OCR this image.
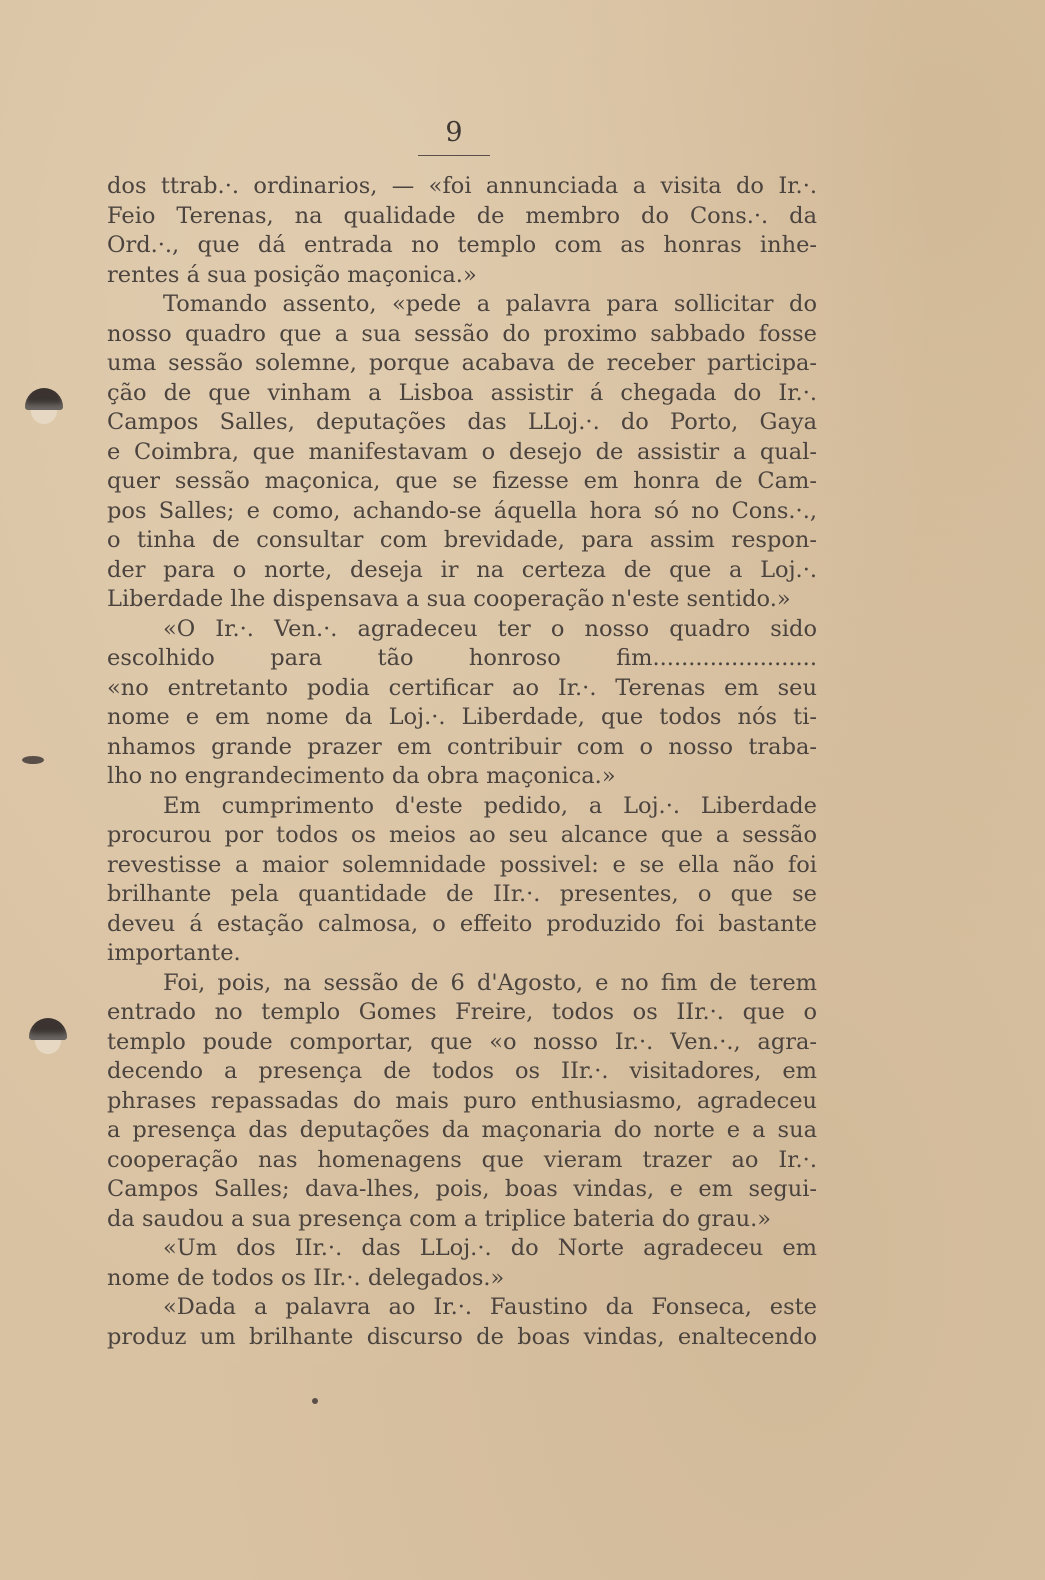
9
dos ttrab.·. ordinarios, — «foi annunciada a visita do Ir.·.
Feio Terenas, na qualidade de membro do Cons.·. da
Ord.·., que dá entrada no templo com as honras inhe-
rentes á sua posição maçonica.»
Tomando assento, «pede a palavra para sollicitar do
nosso quadro que a sua sessão do proximo sabbado fosse
uma sessão solemne, porque acabava de receber participa-
ção de que vinham a Lisboa assistir á chegada do Ir.·.
Campos Salles, deputações das LLoj.·. do Porto, Gaya
e Coimbra, que manifestavam o desejo de assistir a qual-
quer sessão maçonica, que se fizesse em honra de Cam-
pos Salles; e como, achando-se áquella hora só no Cons.·.,
o tinha de consultar com brevidade, para assim respon-
der para o norte, deseja ir na certeza de que a Loj.·.
Liberdade lhe dispensava a sua cooperação n'este sentido.»
«O Ir.·. Ven.·. agradeceu ter o nosso quadro sido
escolhido para tão honroso fim.......................
«no entretanto podia certificar ao Ir.·. Terenas em seu
nome e em nome da Loj.·. Liberdade, que todos nós ti-
nhamos grande prazer em contribuir com o nosso traba-
lho no engrandecimento da obra maçonica.»
Em cumprimento d'este pedido, a Loj.·. Liberdade
procurou por todos os meios ao seu alcance que a sessão
revestisse a maior solemnidade possivel: e se ella não foi
brilhante pela quantidade de IIr.·. presentes, o que se
deveu á estação calmosa, o effeito produzido foi bastante
importante.
Foi, pois, na sessão de 6 d'Agosto, e no fim de terem
entrado no templo Gomes Freire, todos os IIr.·. que o
templo poude comportar, que «o nosso Ir.·. Ven.·., agra-
decendo a presença de todos os IIr.·. visitadores, em
phrases repassadas do mais puro enthusiasmo, agradeceu
a presença das deputações da maçonaria do norte e a sua
cooperação nas homenagens que vieram trazer ao Ir.·.
Campos Salles; dava-lhes, pois, boas vindas, e em segui-
da saudou a sua presença com a triplice bateria do grau.»
«Um dos IIr.·. das LLoj.·. do Norte agradeceu em
nome de todos os IIr.·. delegados.»
«Dada a palavra ao Ir.·. Faustino da Fonseca, este
produz um brilhante discurso de boas vindas, enaltecendo
